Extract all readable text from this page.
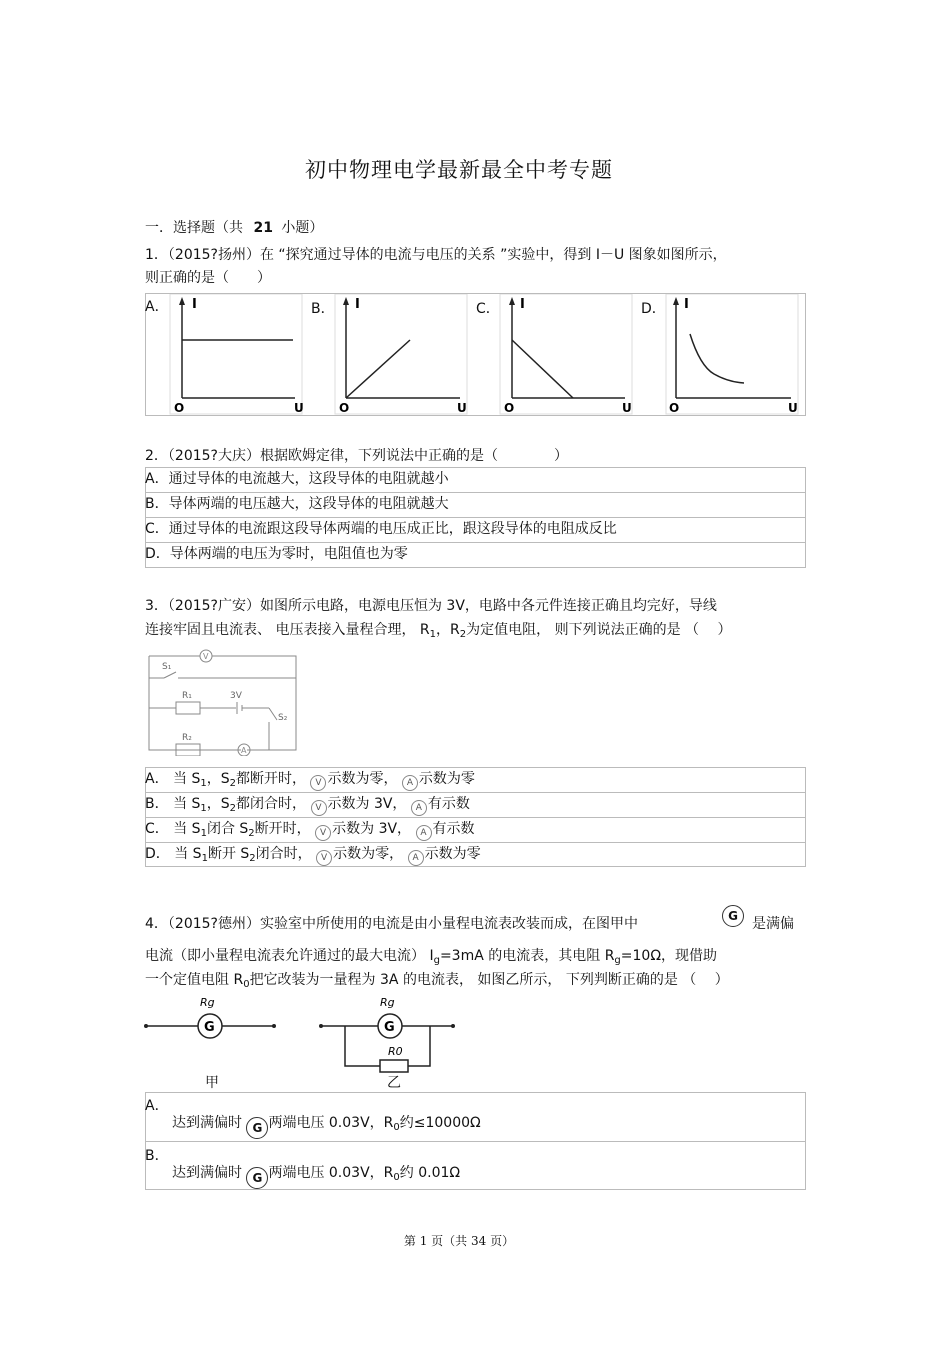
初中物理电学最新最全中考专题
一．选择题（共 21 小题）
1．（2015?扬州）在 “探究通过导体的电流与电压的关系 ”实验中，得到 I－U 图象如图所示，
则正确的是（　　）
A．	B．	C．	D．
I
O	U
I
O	U
I
O	U
I
O	U
2．（2015?大庆）根据欧姆定律，下列说法中正确的是（　　　　）
A．通过导体的电流越大，这段导体的电阻就越小
B．导体两端的电压越大，这段导体的电阻就越大
C．通过导体的电流跟这段导体两端的电压成正比，跟这段导体的电阻成反比
D．导体两端的电压为零时，电阻值也为零
3．（2015?广安）如图所示电路，电源电压恒为 3V，电路中各元件连接正确且均完好，导线
连接牢固且电流表、 电压表接入量程合理， $R_1$，$R_2$为定值电阻， 则下列说法正确的是 （　 ）
V
A
3V
S₁
S₂
R₁
R₂
A． 当 $S_1$，$S_2$都断开时， V 示数为零， A 示数为零
B． 当 $S_1$，$S_2$都闭合时， V 示数为 3V， A 有示数
C． 当 $S_1$闭合 $S_2$断开时， V 示数为 3V， A 有示数
D． 当 $S_1$断开 $S_2$闭合时， V 示数为零， A 示数为零
4．（2015?德州）实验室中所使用的电流是由小量程电流表改装而成，在图甲中	G	是满偏
电流（即小量程电流表允许通过的最大电流） $I_g=3mA$ 的电流表，其电阻 $R_g=10\Omega$，现借助
一个定值电阻 $R_0$把它改装为一量程为 3A 的电流表， 如图乙所示， 下列判断正确的是 （　 ）
G
Rg
甲
G
Rg
R0
乙
A．
达到满偏时 G 两端电压 0.03V，$R_0$约≤10000Ω
B．
达到满偏时 G 两端电压 0.03V，$R_0$约 0.01Ω
第 1 页（共 34 页）
